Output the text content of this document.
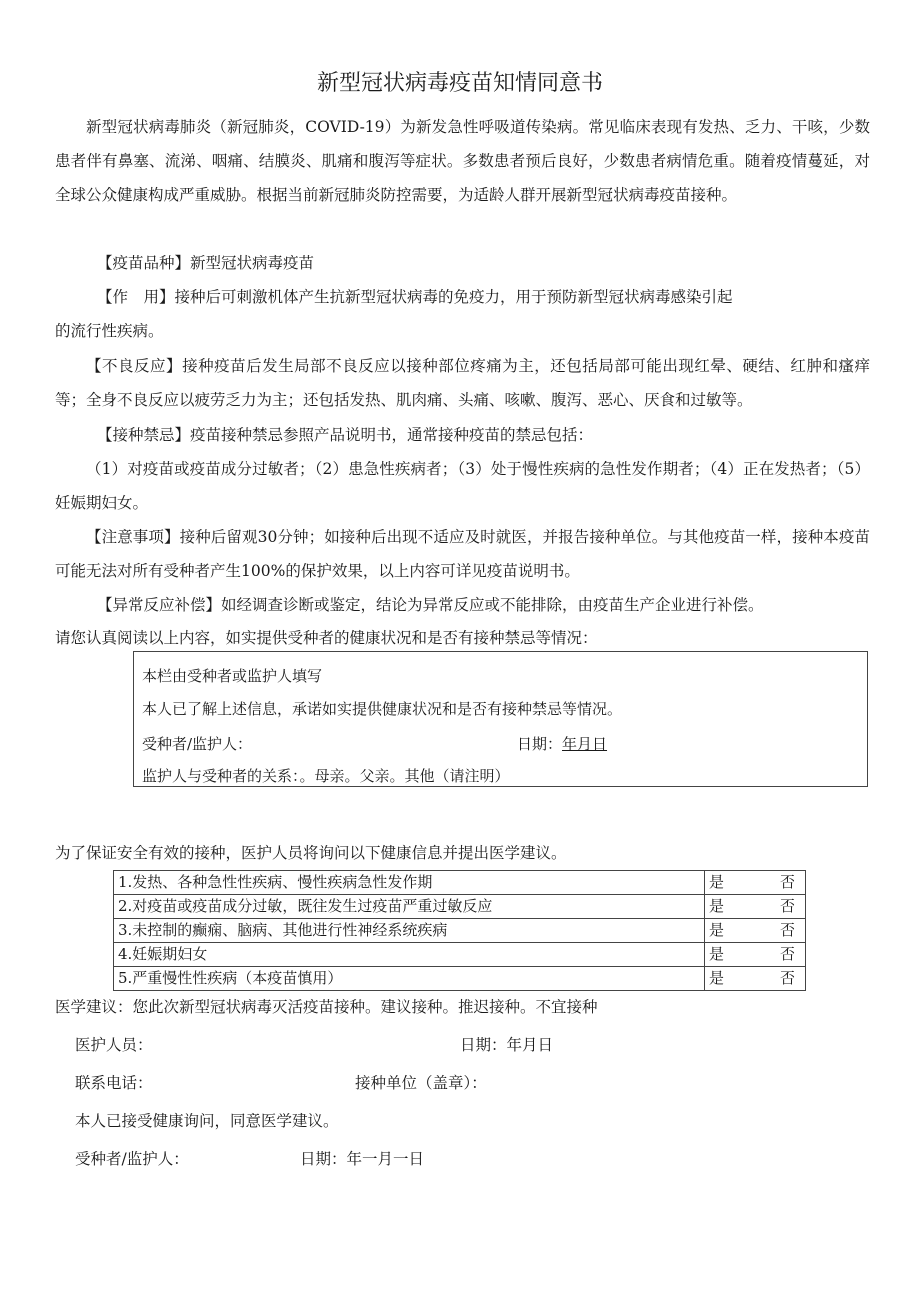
新型冠状病毒疫苗知情同意书
新型冠状病毒肺炎（新冠肺炎，COVID-19）为新发急性呼吸道传染病。常见临床表现有发热、乏力、干咳，少数患者伴有鼻塞、流涕、咽痛、结膜炎、肌痛和腹泻等症状。多数患者预后良好，少数患者病情危重。随着疫情蔓延，对全球公众健康构成严重威胁。根据当前新冠肺炎防控需要，为适龄人群开展新型冠状病毒疫苗接种。
【疫苗品种】新型冠状病毒疫苗
【作　用】接种后可刺激机体产生抗新型冠状病毒的免疫力，用于预防新型冠状病毒感染引起
的流行性疾病。
【不良反应】接种疫苗后发生局部不良反应以接种部位疼痛为主，还包括局部可能出现红晕、硬结、红肿和瘙痒等；全身不良反应以疲劳乏力为主；还包括发热、肌肉痛、头痛、咳嗽、腹泻、恶心、厌食和过敏等。
【接种禁忌】疫苗接种禁忌参照产品说明书，通常接种疫苗的禁忌包括：
（1）对疫苗或疫苗成分过敏者；（2）患急性疾病者；（3）处于慢性疾病的急性发作期者；（4）正在发热者；（5）妊娠期妇女。
【注意事项】接种后留观30分钟；如接种后出现不适应及时就医，并报告接种单位。与其他疫苗一样，接种本疫苗可能无法对所有受种者产生100%的保护效果，以上内容可详见疫苗说明书。
【异常反应补偿】如经调查诊断或鉴定，结论为异常反应或不能排除，由疫苗生产企业进行补偿。
请您认真阅读以上内容，如实提供受种者的健康状况和是否有接种禁忌等情况：
本栏由受种者或监护人填写
本人已了解上述信息，承诺如实提供健康状况和是否有接种禁忌等情况。
受种者/监护人：	日期：年月日
监护人与受种者的关系：。母亲。父亲。其他（请注明）
为了保证安全有效的接种，医护人员将询问以下健康信息并提出医学建议。
1.发热、各种急性性疾病、慢性疾病急性发作期	是 否
2.对疫苗或疫苗成分过敏，既往发生过疫苗严重过敏反应	是 否
3.未控制的癫痫、脑病、其他进行性神经系统疾病	是 否
4.妊娠期妇女	是 否
5.严重慢性性疾病（本疫苗慎用）	是 否
医学建议：您此次新型冠状病毒灭活疫苗接种。建议接种。推迟接种。不宜接种
医护人员：	日期：年月日
联系电话：	接种单位（盖章）：
本人已接受健康询问，同意医学建议。
受种者/监护人：	日期：年一月一日
